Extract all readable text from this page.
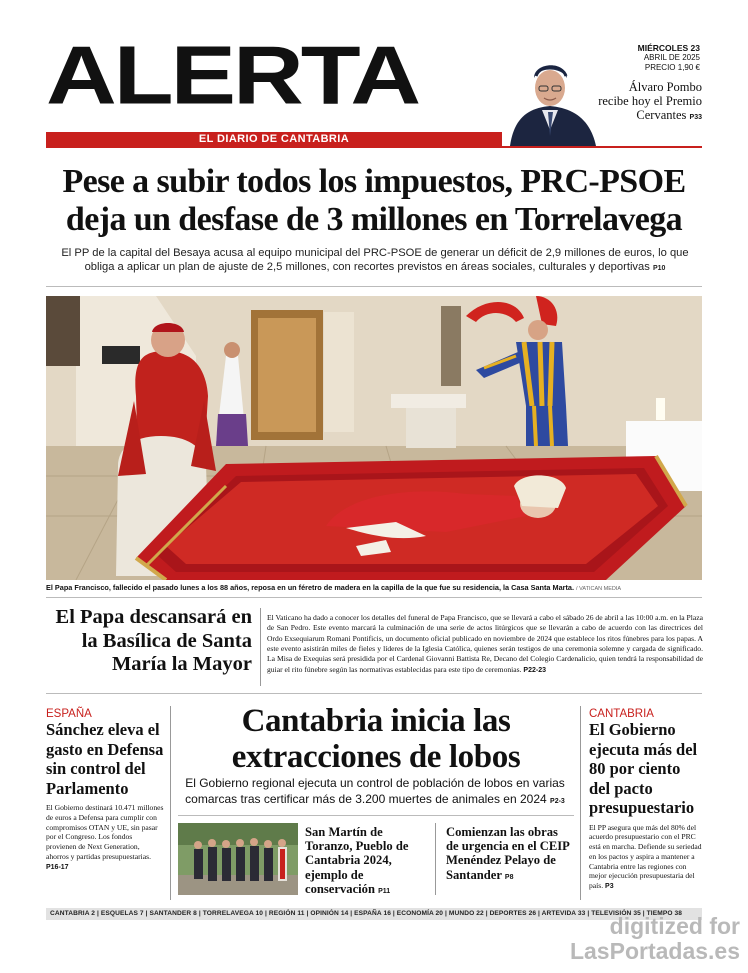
ALERTA
EL DIARIO DE CANTABRIA
MIÉRCOLES 23
ABRIL DE 2025
PRECIO 1,90 €
Álvaro Pombo recibe hoy el Premio Cervantes P33
Pese a subir todos los impuestos, PRC-PSOE
deja un desfase de 3 millones en Torrelavega
El PP de la capital del Besaya acusa al equipo municipal del PRC-PSOE de generar un déficit de 2,9 millones de euros, lo que obliga a aplicar un plan de ajuste de 2,5 millones, con recortes previstos en áreas sociales, culturales y deportivas P10
El Papa Francisco, fallecido el pasado lunes a los 88 años, reposa en un féretro de madera en la capilla de la que fue su residencia, la Casa Santa Marta. / VATICAN MEDIA
El Papa descansará en la Basílica de Santa María la Mayor
El Vaticano ha dado a conocer los detalles del funeral de Papa Francisco, que se llevará a cabo el sábado 26 de abril a las 10:00 a.m. en la Plaza de San Pedro. Este evento marcará la culminación de una serie de actos litúrgicos que se llevarán a cabo de acuerdo con las directrices del Ordo Exsequiarum Romani Pontificis, un documento oficial publicado en noviembre de 2024 que establece los ritos fúnebres para los papas. A este evento asistirán miles de fieles y líderes de la Iglesia Católica, quienes serán testigos de una ceremonia solemne y cargada de significado. La Misa de Exequias será presidida por el Cardenal Giovanni Battista Re, Decano del Colegio Cardenalicio, quien tendrá la responsabilidad de guiar el rito fúnebre según las normativas establecidas para este tipo de ceremonias. P22-23
ESPAÑA
Sánchez eleva el gasto en Defensa sin control del Parlamento
El Gobierno destinará 10.471 millones de euros a Defensa para cumplir con compromisos OTAN y UE, sin pasar por el Congreso. Los fondos provienen de Next Generation, ahorros y partidas presupuestarias. P16-17
Cantabria inicia las extracciones de lobos
El Gobierno regional ejecuta un control de población de lobos en varias comarcas tras certificar más de 3.200 muertes de animales en 2024 P2-3
San Martín de Toranzo, Pueblo de Cantabria 2024, ejemplo de conservación P11
Comienzan las obras de urgencia en el CEIP Menéndez Pelayo de Santander P8
CANTABRIA
El Gobierno ejecuta más del 80 por ciento del pacto presupuestario
El PP asegura que más del 80% del acuerdo presupuestario con el PRC está en marcha. Defiende su seriedad en los pactos y aspira a mantener a Cantabria entre las regiones con mejor ejecución presupuestaria del país. P3
CANTABRIA 2 | ESQUELAS 7 | SANTANDER 8 | TORRELAVEGA 10 | REGIÓN 11 | OPINIÓN 14 | ESPAÑA 16 | ECONOMÍA 20 | MUNDO 22 | DEPORTES 26 | ARTEVIDA 33 | TELEVISIÓN 35 | TIEMPO 38
digitized for
LasPortadas.es
